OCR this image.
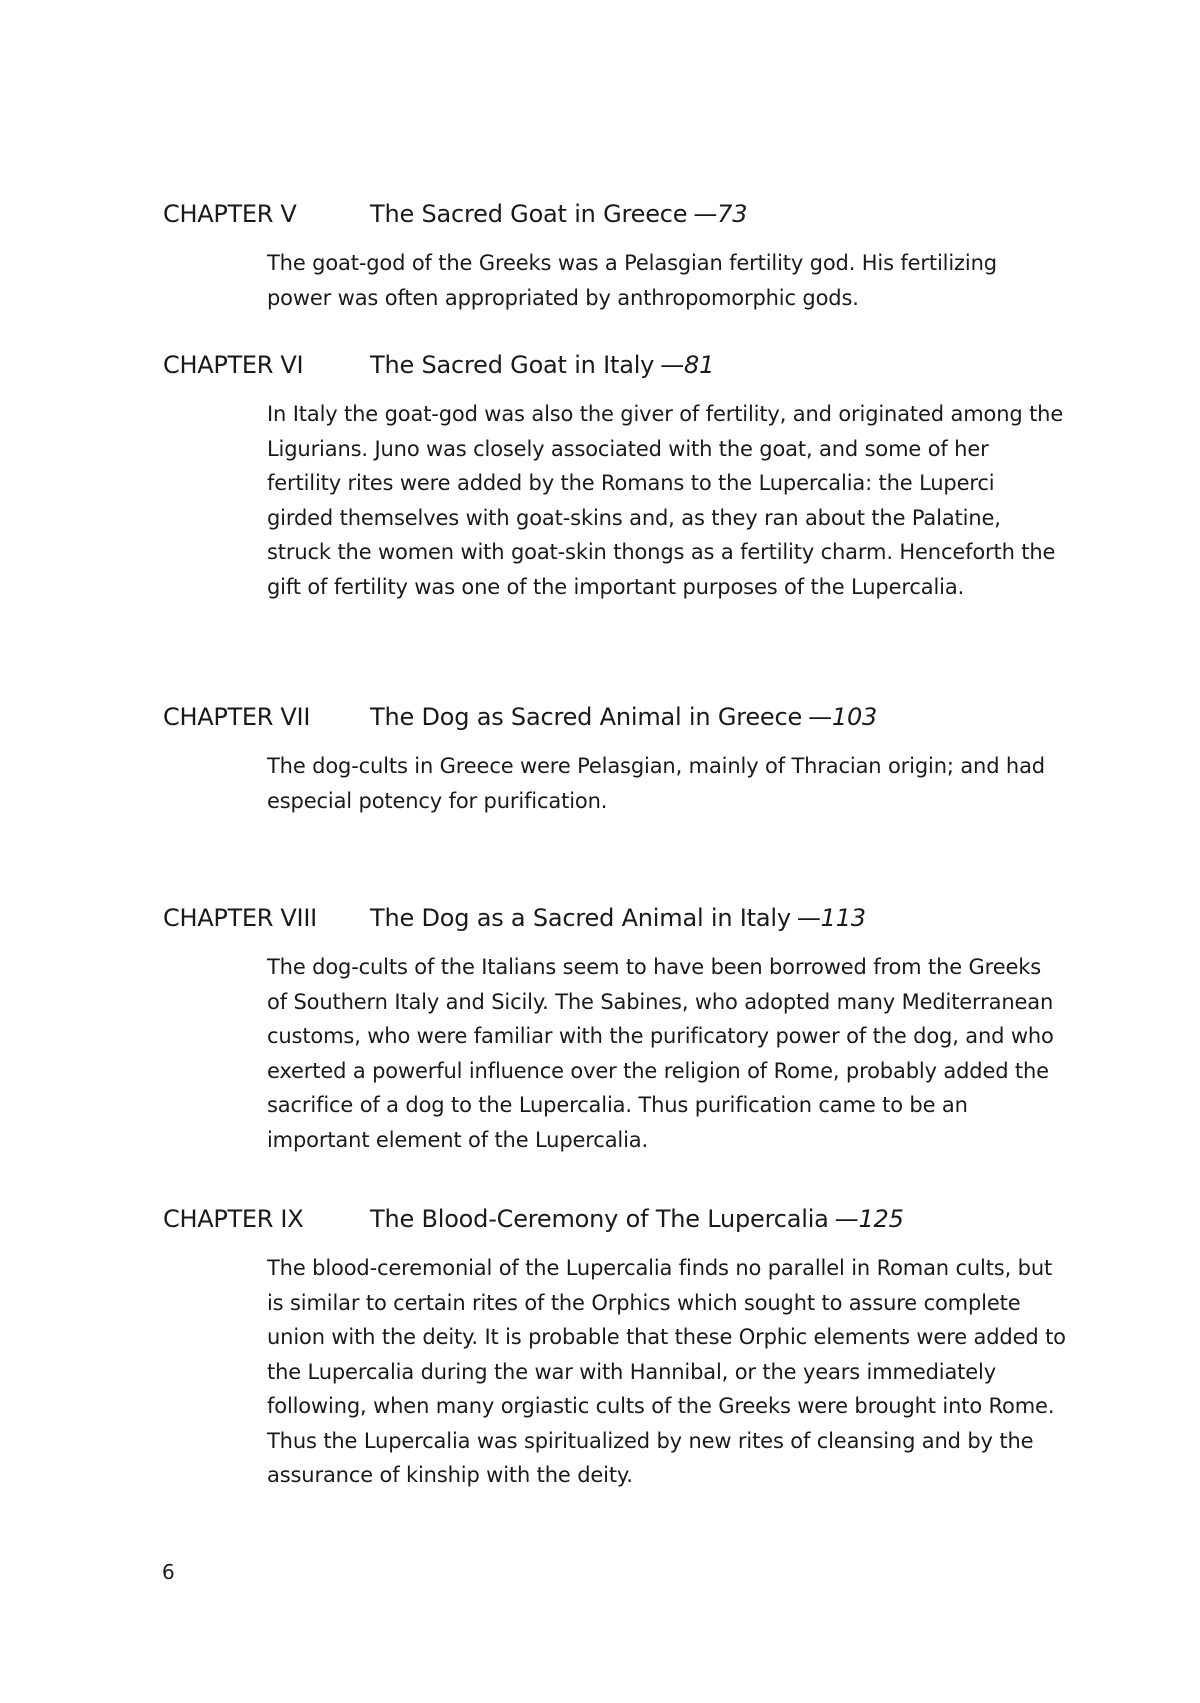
CHAPTER V	The Sacred Goat in Greece —73

The goat-god of the Greeks was a Pelasgian fertility god. His fertilizing power was often appropriated by anthropomorphic gods.

CHAPTER VI	The Sacred Goat in Italy —81

In Italy the goat-god was also the giver of fertility, and originated among the Ligurians. Juno was closely associated with the goat, and some of her fertility rites were added by the Romans to the Lupercalia: the Luperci girded themselves with goat-skins and, as they ran about the Palatine, struck the women with goat-skin thongs as a fertility charm. Henceforth the gift of fertility was one of the important purposes of the Lupercalia.

CHAPTER VII	The Dog as Sacred Animal in Greece —103

The dog-cults in Greece were Pelasgian, mainly of Thracian origin; and had especial potency for purification.

CHAPTER VIII	The Dog as a Sacred Animal in Italy —113

The dog-cults of the Italians seem to have been borrowed from the Greeks of Southern Italy and Sicily. The Sabines, who adopted many Mediterranean customs, who were familiar with the purificatory power of the dog, and who exerted a powerful influence over the religion of Rome, probably added the sacrifice of a dog to the Lupercalia. Thus purification came to be an important element of the Lupercalia.

CHAPTER IX	The Blood-Ceremony of The Lupercalia —125

The blood-ceremonial of the Lupercalia finds no parallel in Roman cults, but is similar to certain rites of the Orphics which sought to assure complete union with the deity. It is probable that these Orphic elements were added to the Lupercalia during the war with Hannibal, or the years immediately following, when many orgiastic cults of the Greeks were brought into Rome. Thus the Lupercalia was spiritualized by new rites of cleansing and by the assurance of kinship with the deity.

6
